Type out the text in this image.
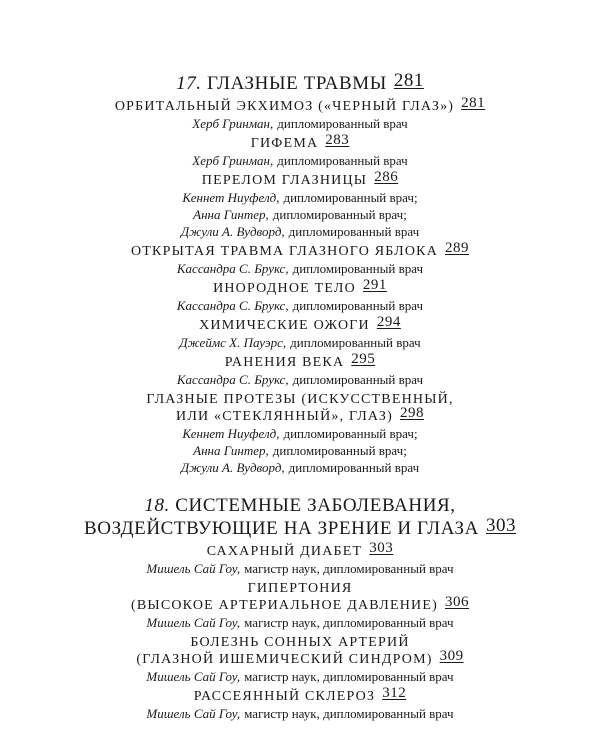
17. ГЛАЗНЫЕ ТРАВМЫ 281
ОРБИТАЛЬНЫЙ ЭКХИМОЗ («ЧЕРНЫЙ ГЛАЗ») 281
Херб Гринман, дипломированный врач
ГИФЕМА 283
Херб Гринман, дипломированный врач
ПЕРЕЛОМ ГЛАЗНИЦЫ 286
Кеннет Ниуфелд, дипломированный врач;
Анна Гинтер, дипломированный врач;
Джули А. Вудворд, дипломированный врач
ОТКРЫТАЯ ТРАВМА ГЛАЗНОГО ЯБЛОКА 289
Кассандра С. Брукс, дипломированный врач
ИНОРОДНОЕ ТЕЛО 291
Кассандра С. Брукс, дипломированный врач
ХИМИЧЕСКИЕ ОЖОГИ 294
Джеймс Х. Пауэрс, дипломированный врач
РАНЕНИЯ ВЕКА 295
Кассандра С. Брукс, дипломированный врач
ГЛАЗНЫЕ ПРОТЕЗЫ (ИСКУССТВЕННЫЙ,
ИЛИ «СТЕКЛЯННЫЙ», ГЛАЗ) 298
Кеннет Ниуфелд, дипломированный врач;
Анна Гинтер, дипломированный врач;
Джули А. Вудворд, дипломированный врач
18. СИСТЕМНЫЕ ЗАБОЛЕВАНИЯ,
ВОЗДЕЙСТВУЮЩИЕ НА ЗРЕНИЕ И ГЛАЗА 303
САХАРНЫЙ ДИАБЕТ 303
Мишель Сай Гоу, магистр наук, дипломированный врач
ГИПЕРТОНИЯ
(ВЫСОКОЕ АРТЕРИАЛЬНОЕ ДАВЛЕНИЕ) 306
Мишель Сай Гоу, магистр наук, дипломированный врач
БОЛЕЗНЬ СОННЫХ АРТЕРИЙ
(ГЛАЗНОЙ ИШЕМИЧЕСКИЙ СИНДРОМ) 309
Мишель Сай Гоу, магистр наук, дипломированный врач
РАССЕЯННЫЙ СКЛЕРОЗ 312
Мишель Сай Гоу, магистр наук, дипломированный врач
